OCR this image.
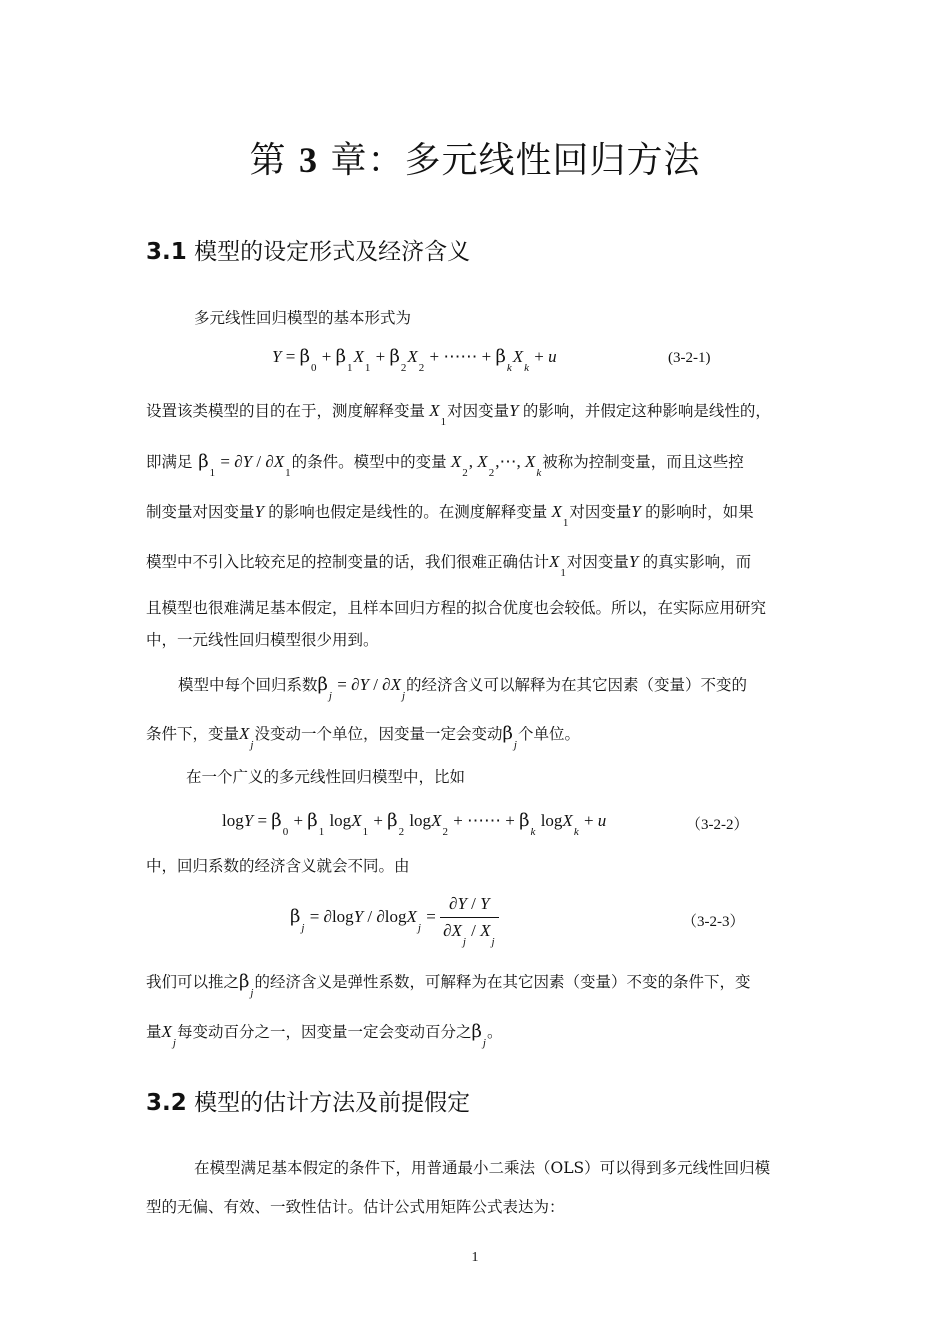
第 3 章：多元线性回归方法
3.1 模型的设定形式及经济含义
多元线性回归模型的基本形式为
$Y = \beta_0 + \beta_1X_1 + \beta_2X_2$ + ⋯⋯ + $\beta_kX_k + u$	(3-2-1)
设置该类模型的目的在于，测度解释变量 $X_1$对因变量Y 的影响，并假定这种影响是线性的，
即满足 $\beta_1 = \partial Y / \partial X_1$的条件。模型中的变量 $X_2$, $X_2,\cdots$, $X_k$被称为控制变量，而且这些控
制变量对因变量Y 的影响也假定是线性的。在测度解释变量 $X_1$对因变量Y 的影响时，如果
模型中不引入比较充足的控制变量的话，我们很难正确估计$X_1$对因变量Y 的真实影响，而
且模型也很难满足基本假定，且样本回归方程的拟合优度也会较低。所以，在实际应用研究
中，一元线性回归模型很少用到。
模型中每个回归系数$\beta_j = \partial Y / \partial X_j$的经济含义可以解释为在其它因素（变量）不变的
条件下，变量$X_j$没变动一个单位，因变量一定会变动$\beta_j$个单位。
在一个广义的多元线性回归模型中，比如
$\log Y = \beta_0 + \beta_1$ $\log X_1 + \beta_2$ logX$_2$ + ⋯⋯ + $\beta_k$ logX$_k$ + u	（3-2-2）
中，回归系数的经济含义就会不同。由
$\beta_j = \partial\log Y / \partial\log X_j = \frac{\partial Y / Y}{\partial X_j / X_j}$	（3-2-3）
我们可以推之$\beta_j$的经济含义是弹性系数，可解释为在其它因素（变量）不变的条件下，变
量$X_j$每变动百分之一，因变量一定会变动百分之$\beta_j$。
3.2 模型的估计方法及前提假定
在模型满足基本假定的条件下，用普通最小二乘法（OLS）可以得到多元线性回归模
型的无偏、有效、一致性估计。估计公式用矩阵公式表达为：
1
